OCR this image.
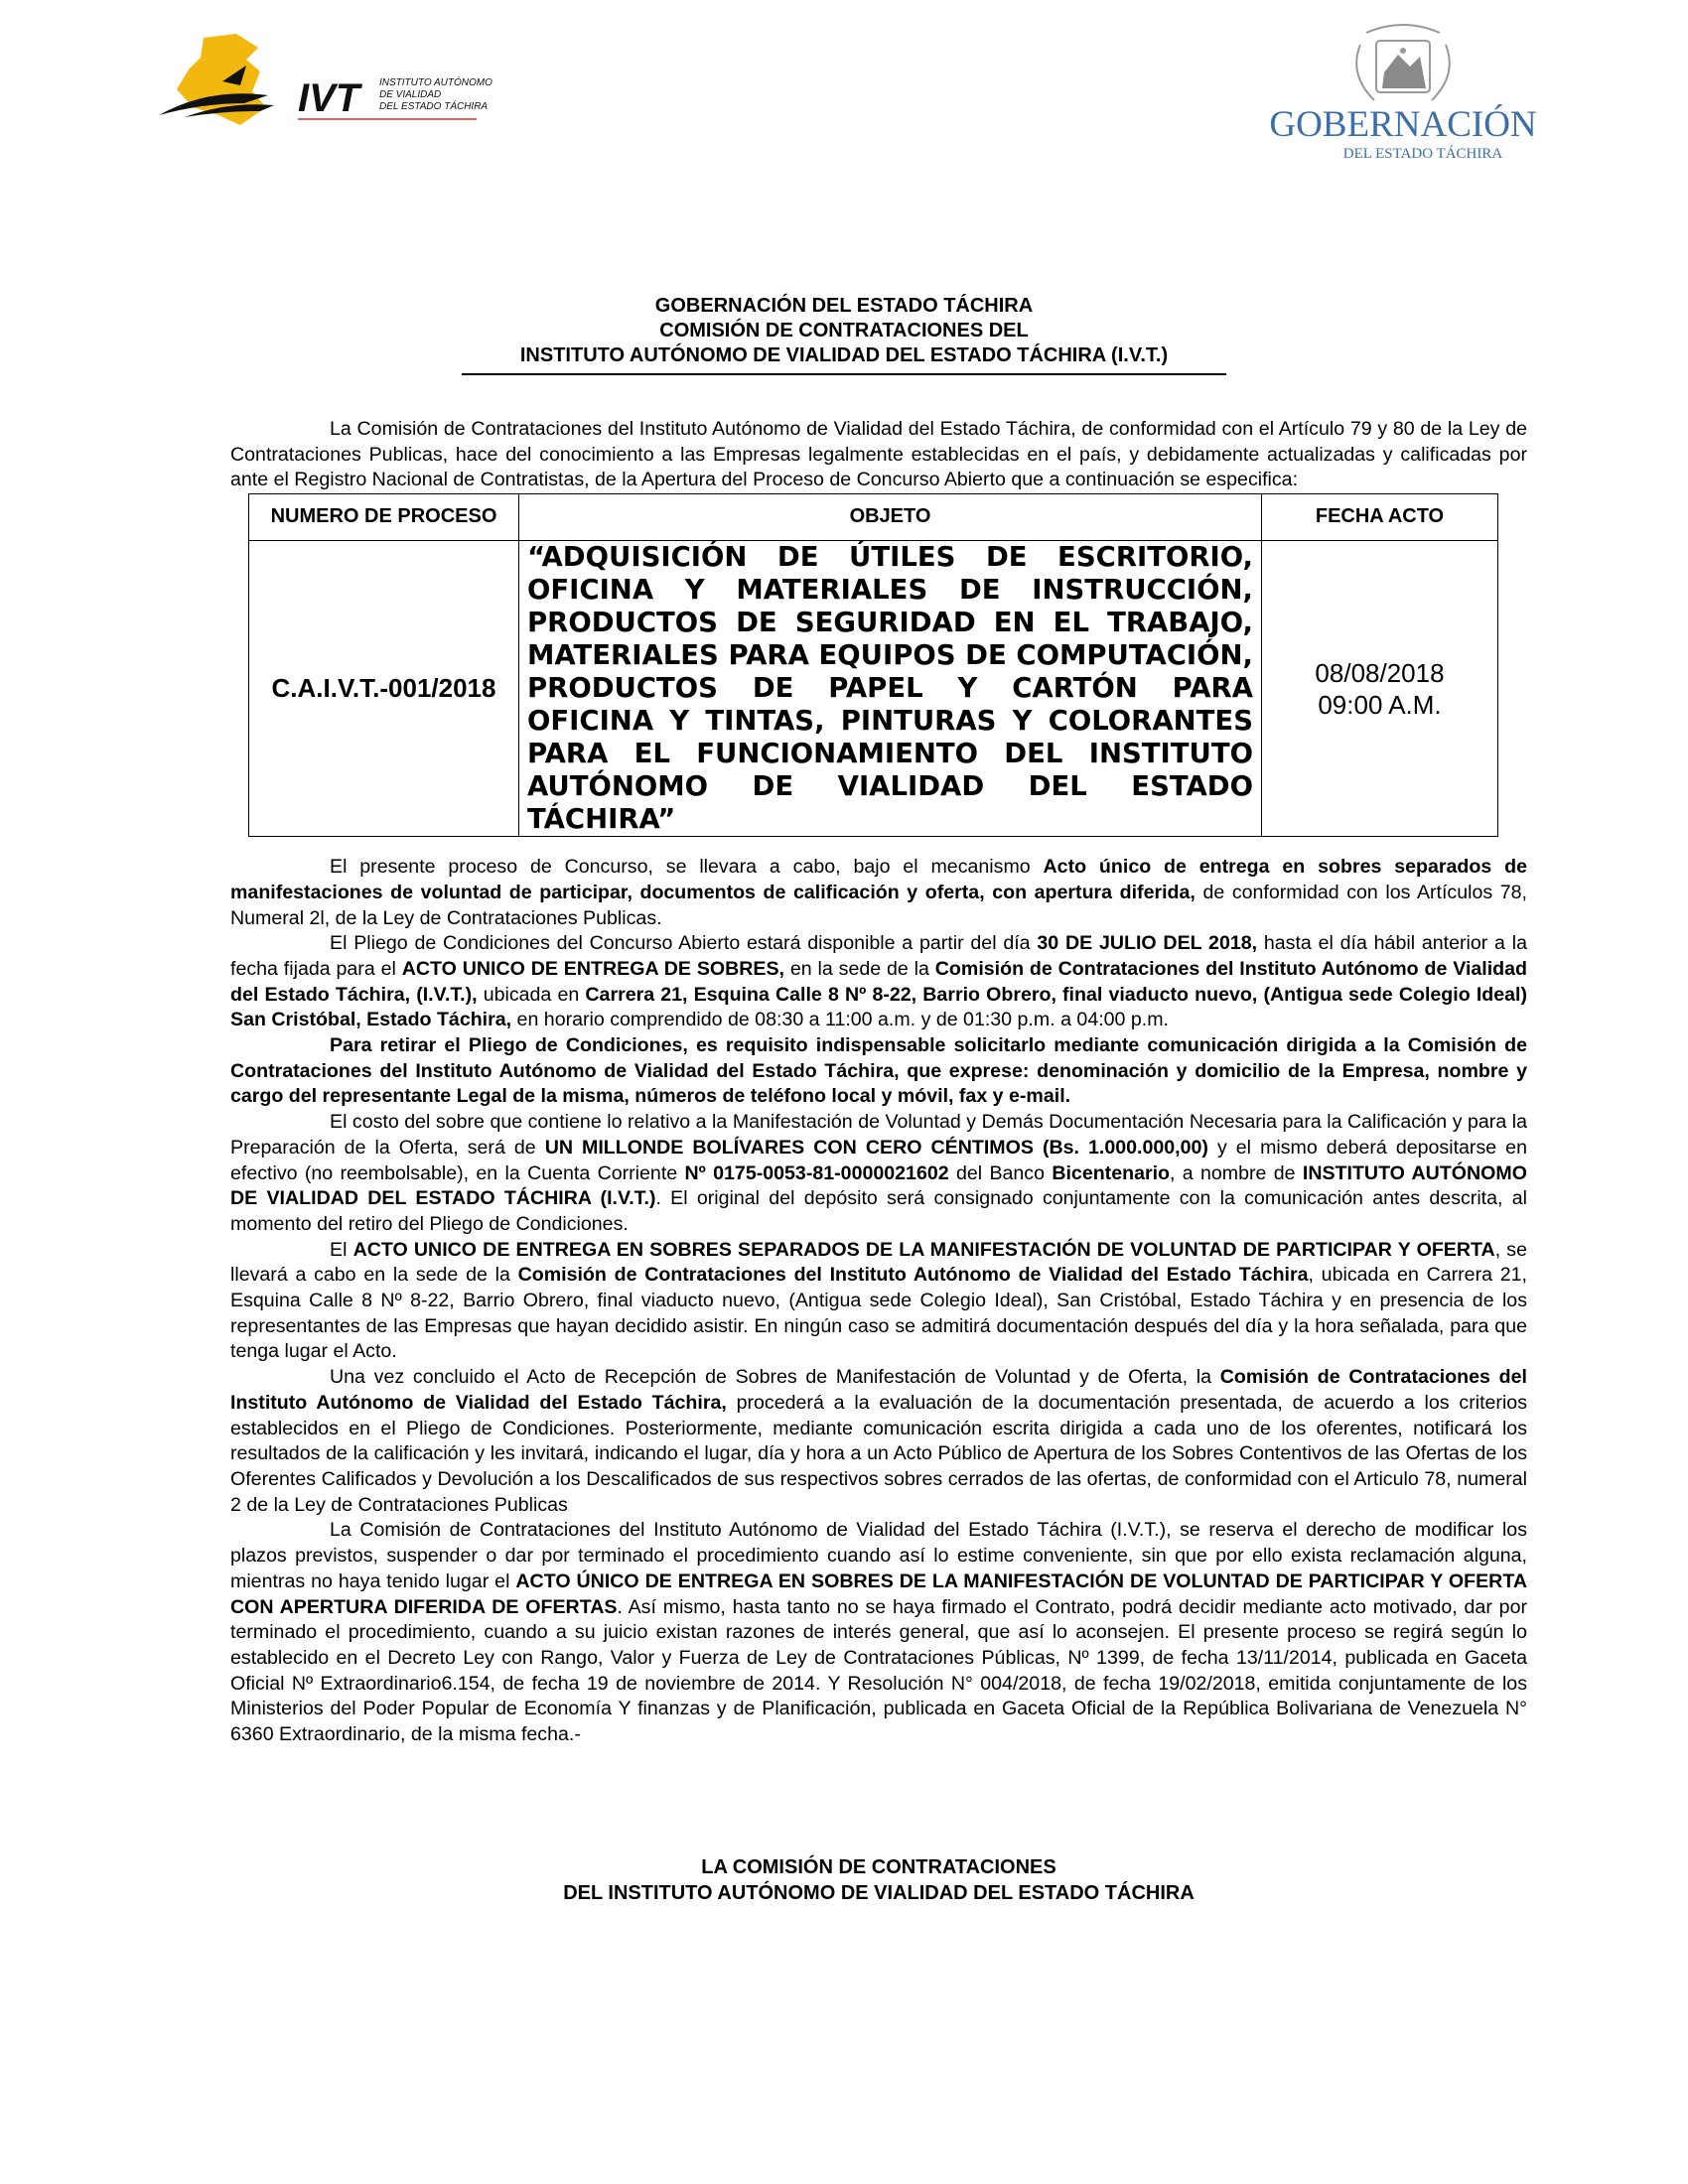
IVT	INSTITUTO AUTÓNOMO
DE VIALIDAD
DEL ESTADO TÁCHIRA	GOBERNACIÓN
DEL ESTADO TÁCHIRA
GOBERNACIÓN DEL ESTADO TÁCHIRA
COMISIÓN DE CONTRATACIONES DEL
INSTITUTO AUTÓNOMO DE VIALIDAD DEL ESTADO TÁCHIRA (I.V.T.)

La Comisión de Contrataciones del Instituto Autónomo de Vialidad del Estado Táchira, de conformidad con el Artículo 79 y 80 de la Ley de Contrataciones Publicas, hace del conocimiento a las Empresas legalmente establecidas en el país, y debidamente actualizadas y calificadas por ante el Registro Nacional de Contratistas, de la Apertura del Proceso de Concurso Abierto que a continuación se especifica:

NUMERO DE PROCESO	OBJETO	FECHA ACTO
C.A.I.V.T.-001/2018	“ADQUISICIÓN DE ÚTILES DE ESCRITORIO, OFICINA Y MATERIALES DE INSTRUCCIÓN, PRODUCTOS DE SEGURIDAD EN EL TRABAJO, MATERIALES PARA EQUIPOS DE COMPUTACIÓN, PRODUCTOS DE PAPEL Y CARTÓN PARA OFICINA Y TINTAS, PINTURAS Y COLORANTES PARA EL FUNCIONAMIENTO DEL INSTITUTO AUTÓNOMO DE VIALIDAD DEL ESTADO TÁCHIRA”	08/08/2018
09:00 A.M.

El presente proceso de Concurso, se llevara a cabo, bajo el mecanismo Acto único de entrega en sobres separados de manifestaciones de voluntad de participar, documentos de calificación y oferta, con apertura diferida, de conformidad con los Artículos 78, Numeral 2l, de la Ley de Contrataciones Publicas.

El Pliego de Condiciones del Concurso Abierto estará disponible a partir del día 30 DE JULIO DEL 2018, hasta el día hábil anterior a la fecha fijada para el ACTO UNICO DE ENTREGA DE SOBRES, en la sede de la Comisión de Contrataciones del Instituto Autónomo de Vialidad del Estado Táchira, (I.V.T.), ubicada en Carrera 21, Esquina Calle 8 Nº 8-22, Barrio Obrero, final viaducto nuevo, (Antigua sede Colegio Ideal) San Cristóbal, Estado Táchira, en horario comprendido de 08:30 a 11:00 a.m. y de 01:30 p.m. a 04:00 p.m.

Para retirar el Pliego de Condiciones, es requisito indispensable solicitarlo mediante comunicación dirigida a la Comisión de Contrataciones del Instituto Autónomo de Vialidad del Estado Táchira, que exprese: denominación y domicilio de la Empresa, nombre y cargo del representante Legal de la misma, números de teléfono local y móvil, fax y e-mail.

El costo del sobre que contiene lo relativo a la Manifestación de Voluntad y Demás Documentación Necesaria para la Calificación y para la Preparación de la Oferta, será de UN MILLONDE BOLÍVARES CON CERO CÉNTIMOS (Bs. 1.000.000,00) y el mismo deberá depositarse en efectivo (no reembolsable), en la Cuenta Corriente Nº 0175-0053-81-0000021602 del Banco Bicentenario, a nombre de INSTITUTO AUTÓNOMO DE VIALIDAD DEL ESTADO TÁCHIRA (I.V.T.). El original del depósito será consignado conjuntamente con la comunicación antes descrita, al momento del retiro del Pliego de Condiciones.

El ACTO UNICO DE ENTREGA EN SOBRES SEPARADOS DE LA MANIFESTACIÓN DE VOLUNTAD DE PARTICIPAR Y OFERTA, se llevará a cabo en la sede de la Comisión de Contrataciones del Instituto Autónomo de Vialidad del Estado Táchira, ubicada en Carrera 21, Esquina Calle 8 Nº 8-22, Barrio Obrero, final viaducto nuevo, (Antigua sede Colegio Ideal), San Cristóbal, Estado Táchira y en presencia de los representantes de las Empresas que hayan decidido asistir. En ningún caso se admitirá documentación después del día y la hora señalada, para que tenga lugar el Acto.

Una vez concluido el Acto de Recepción de Sobres de Manifestación de Voluntad y de Oferta, la Comisión de Contrataciones del Instituto Autónomo de Vialidad del Estado Táchira, procederá a la evaluación de la documentación presentada, de acuerdo a los criterios establecidos en el Pliego de Condiciones. Posteriormente, mediante comunicación escrita dirigida a cada uno de los oferentes, notificará los resultados de la calificación y les invitará, indicando el lugar, día y hora a un Acto Público de Apertura de los Sobres Contentivos de las Ofertas de los Oferentes Calificados y Devolución a los Descalificados de sus respectivos sobres cerrados de las ofertas, de conformidad con el Articulo 78, numeral 2 de la Ley de Contrataciones Publicas

La Comisión de Contrataciones del Instituto Autónomo de Vialidad del Estado Táchira (I.V.T.), se reserva el derecho de modificar los plazos previstos, suspender o dar por terminado el procedimiento cuando así lo estime conveniente, sin que por ello exista reclamación alguna, mientras no haya tenido lugar el ACTO ÚNICO DE ENTREGA EN SOBRES DE LA MANIFESTACIÓN DE VOLUNTAD DE PARTICIPAR Y OFERTA CON APERTURA DIFERIDA DE OFERTAS. Así mismo, hasta tanto no se haya firmado el Contrato, podrá decidir mediante acto motivado, dar por terminado el procedimiento, cuando a su juicio existan razones de interés general, que así lo aconsejen. El presente proceso se regirá según lo establecido en el Decreto Ley con Rango, Valor y Fuerza de Ley de Contrataciones Públicas, Nº 1399, de fecha 13/11/2014, publicada en Gaceta Oficial Nº Extraordinario6.154, de fecha 19 de noviembre de 2014. Y Resolución N° 004/2018, de fecha 19/02/2018, emitida conjuntamente de los Ministerios del Poder Popular de Economía Y finanzas y de Planificación, publicada en Gaceta Oficial de la República Bolivariana de Venezuela N° 6360 Extraordinario, de la misma fecha.-

LA COMISIÓN DE CONTRATACIONES
DEL INSTITUTO AUTÓNOMO DE VIALIDAD DEL ESTADO TÁCHIRA
